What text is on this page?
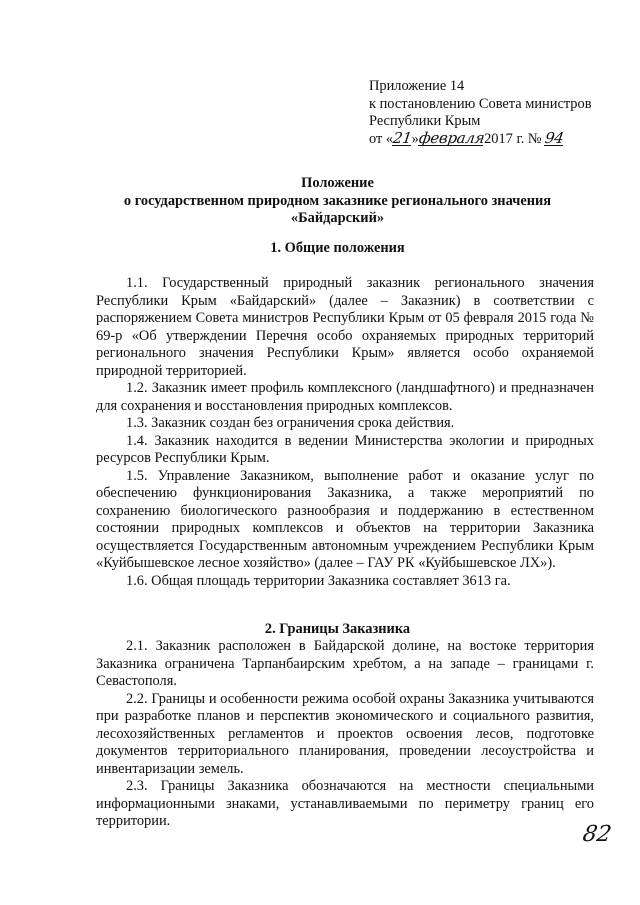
Приложение 14
к постановлению Совета министров
Республики Крым
от «21»февраля2017 г. № 94
Положение
о государственном природном заказнике регионального значения
«Байдарский»
1. Общие положения

1.1. Государственный природный заказник регионального значения Республики Крым «Байдарский» (далее – Заказник) в соответствии с распоряжением Совета министров Республики Крым от 05 февраля 2015 года № 69-р «Об утверждении Перечня особо охраняемых природных территорий регионального значения Республики Крым» является особо охраняемой природной территорией.

1.2. Заказник имеет профиль комплексного (ландшафтного) и предназначен для сохранения и восстановления природных комплексов.

1.3. Заказник создан без ограничения срока действия.

1.4. Заказник находится в ведении Министерства экологии и природных ресурсов Республики Крым.

1.5. Управление Заказником, выполнение работ и оказание услуг по обеспечению функционирования Заказника, а также мероприятий по сохранению биологического разнообразия и поддержанию в естественном состоянии природных комплексов и объектов на территории Заказника осуществляется Государственным автономным учреждением Республики Крым «Куйбышевское лесное хозяйство» (далее – ГАУ РК «Куйбышевское ЛХ»).

1.6. Общая площадь территории Заказника составляет 3613 га.

2. Границы Заказника

2.1. Заказник расположен в Байдарской долине, на востоке территория Заказника ограничена Тарпанбаирским хребтом, а на западе – границами г. Севастополя.

2.2. Границы и особенности режима особой охраны Заказника учитываются при разработке планов и перспектив экономического и социального развития, лесохозяйственных регламентов и проектов освоения лесов, подготовке документов территориального планирования, проведении лесоустройства и инвентаризации земель.

2.3. Границы Заказника обозначаются на местности специальными информационными знаками, устанавливаемыми по периметру границ его территории.

82
